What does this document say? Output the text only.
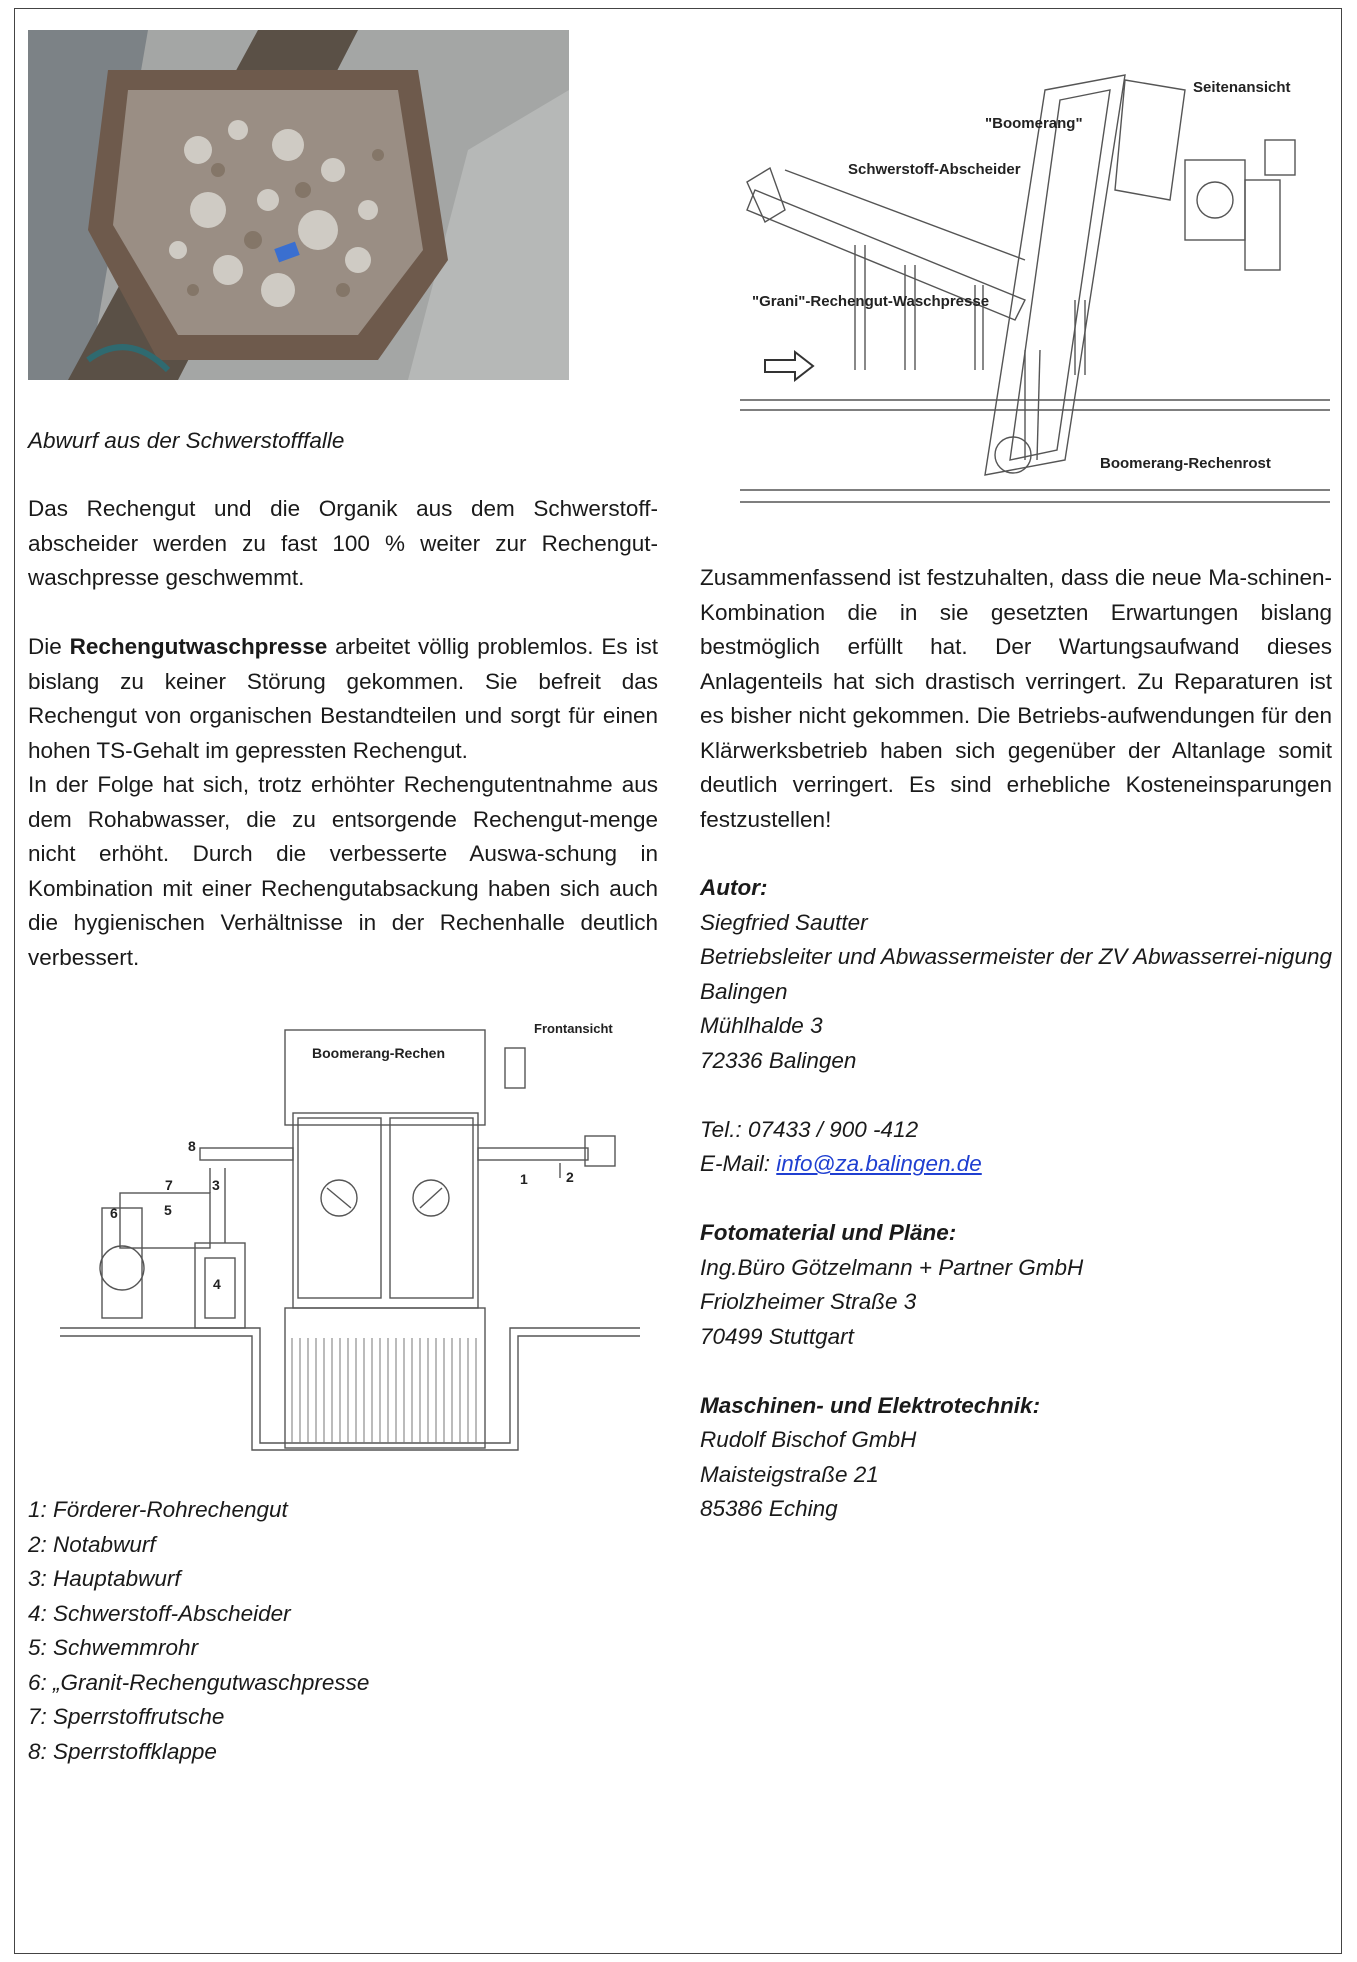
Seitenansicht
"Boomerang"
Schwerstoff-Abscheider
"Grani"-Rechengut-Waschpresse
Boomerang-Rechenrost
Abwurf aus der Schwerstofffalle
Das Rechengut und die Organik aus dem Schwerstoff-abscheider werden zu fast 100 % weiter zur Rechengut-waschpresse geschwemmt.
Die Rechengutwaschpresse arbeitet völlig problemlos. Es ist bislang zu keiner Störung gekommen. Sie befreit das Rechengut von organischen Bestandteilen und sorgt für einen hohen TS-Gehalt im gepressten Rechengut.
In der Folge hat sich, trotz erhöhter Rechengutentnahme aus dem Rohabwasser, die zu entsorgende Rechengut-menge nicht erhöht. Durch die verbesserte Auswa-schung in Kombination mit einer Rechengutabsackung haben sich auch die hygienischen Verhältnisse in der Rechenhalle deutlich verbessert.
Zusammenfassend ist festzuhalten, dass die neue Ma-schinen-Kombination die in sie gesetzten Erwartungen bislang bestmöglich erfüllt hat. Der Wartungsaufwand dieses Anlagenteils hat sich drastisch verringert. Zu Reparaturen ist es bisher nicht gekommen. Die Betriebs-aufwendungen für den Klärwerksbetrieb haben sich gegenüber der Altanlage somit deutlich verringert. Es sind erhebliche Kosteneinsparungen festzustellen!
Autor:
Siegfried Sautter
Betriebsleiter und Abwassermeister der ZV Abwasserrei-nigung Balingen
Mühlhalde 3
72336 Balingen
Tel.: 07433 / 900 -412
E-Mail: info@za.balingen.de
Fotomaterial und Pläne:
Ing.Büro Götzelmann + Partner GmbH
Friolzheimer Straße 3
70499 Stuttgart
Maschinen- und Elektrotechnik:
Rudolf Bischof GmbH
Maisteigstraße 21
85386 Eching
Frontansicht
Boomerang-Rechen
1	2
3
4
5
6
7
8

1: Förderer-Rohrechengut

2: Notabwurf

3: Hauptabwurf

4: Schwerstoff-Abscheider

5: Schwemmrohr

6: „Granit-Rechengutwaschpresse

7: Sperrstoffrutsche

8: Sperrstoffklappe
